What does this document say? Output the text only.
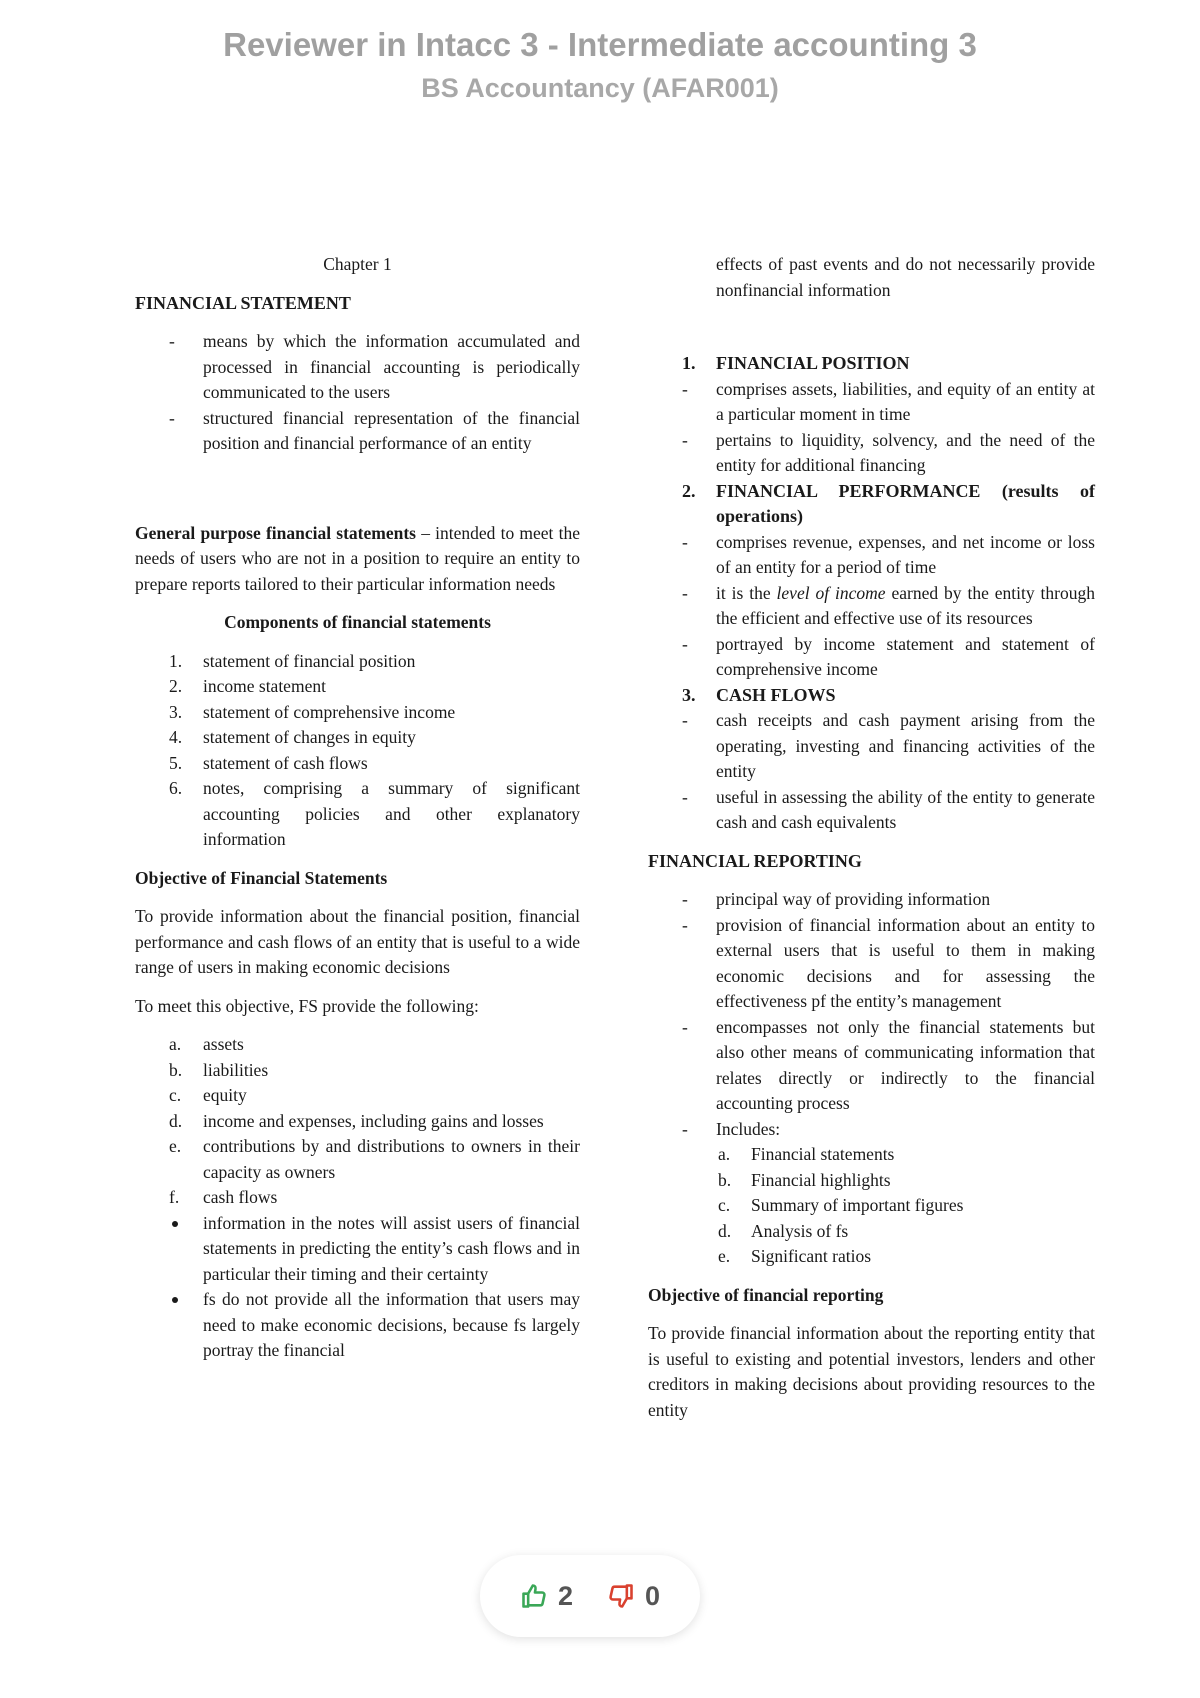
Reviewer in Intacc 3 - Intermediate accounting 3
BS Accountancy (AFAR001)

Chapter 1

FINANCIAL STATEMENT

- means by which the information accumulated and processed in financial accounting is periodically communicated to the users
- structured financial representation of the financial position and financial performance of an entity

General purpose financial statements – intended to meet the needs of users who are not in a position to require an entity to prepare reports tailored to their particular information needs

Components of financial statements

1. statement of financial position
2. income statement
3. statement of comprehensive income
4. statement of changes in equity
5. statement of cash flows
6. notes, comprising a summary of significant accounting policies and other explanatory information

Objective of Financial Statements

To provide information about the financial position, financial performance and cash flows of an entity that is useful to a wide range of users in making economic decisions

To meet this objective, FS provide the following:

a. assets
b. liabilities
c. equity
d. income and expenses, including gains and losses
e. contributions by and distributions to owners in their capacity as owners
f. cash flows
information in the notes will assist users of financial statements in predicting the entity’s cash flows and in particular their timing and their certainty
fs do not provide all the information that users may need to make economic decisions, because fs largely portray the financial

effects of past events and do not necessarily provide nonfinancial information

1. FINANCIAL POSITION

- comprises assets, liabilities, and equity of an entity at a particular moment in time
- pertains to liquidity, solvency, and the need of the entity for additional financing

2. FINANCIAL PERFORMANCE (results of operations)

- comprises revenue, expenses, and net income or loss of an entity for a period of time
- it is the level of income earned by the entity through the efficient and effective use of its resources
- portrayed by income statement and statement of comprehensive income

3. CASH FLOWS

- cash receipts and cash payment arising from the operating, investing and financing activities of the entity
- useful in assessing the ability of the entity to generate cash and cash equivalents

FINANCIAL REPORTING

- principal way of providing information
- provision of financial information about an entity to external users that is useful to them in making economic decisions and for assessing the effectiveness pf the entity’s management
- encompasses not only the financial statements but also other means of communicating information that relates directly or indirectly to the financial accounting process
- Includes:
a. Financial statements
b. Financial highlights
c. Summary of important figures
d. Analysis of fs
e. Significant ratios

Objective of financial reporting

To provide financial information about the reporting entity that is useful to existing and potential investors, lenders and other creditors in making decisions about providing resources to the entity

2	0
